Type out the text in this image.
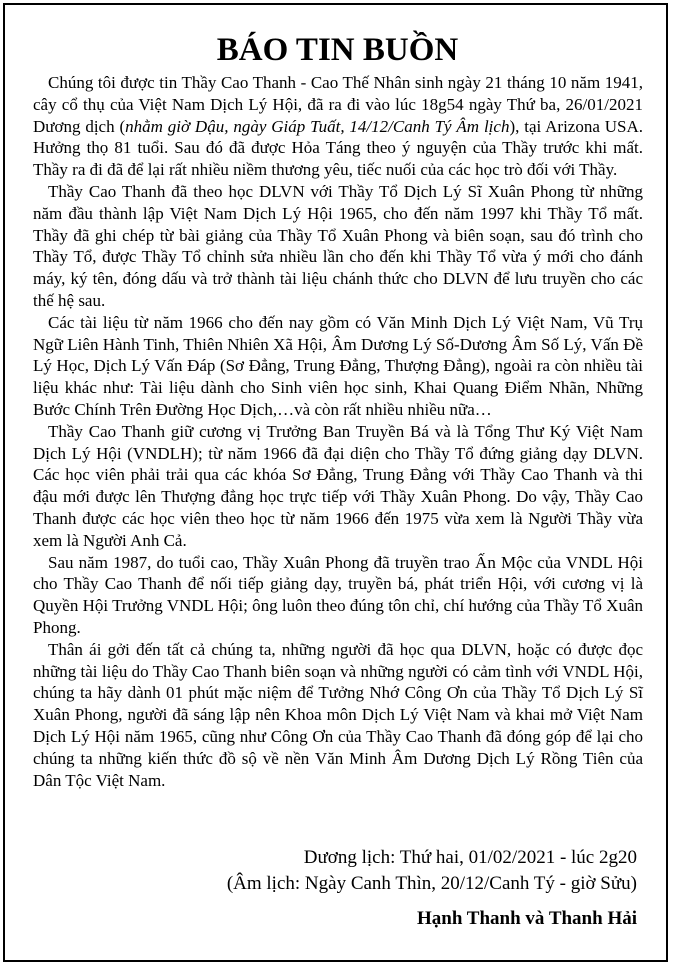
BÁO TIN BUỒN

Chúng tôi được tin Thầy Cao Thanh - Cao Thế Nhân sinh ngày 21 tháng 10 năm 1941, cây cổ thụ của Việt Nam Dịch Lý Hội, đã ra đi vào lúc 18g54 ngày Thứ ba, 26/01/2021 Dương dịch (nhằm giờ Dậu, ngày Giáp Tuất, 14/12/Canh Tý Âm lịch), tại Arizona USA. Hưởng thọ 81 tuổi. Sau đó đã được Hỏa Táng theo ý nguyện của Thầy trước khi mất. Thầy ra đi đã để lại rất nhiều niềm thương yêu, tiếc nuối của các học trò đối với Thầy.

Thầy Cao Thanh đã theo học DLVN với Thầy Tổ Dịch Lý Sĩ Xuân Phong từ những năm đầu thành lập Việt Nam Dịch Lý Hội 1965, cho đến năm 1997 khi Thầy Tổ mất. Thầy đã ghi chép từ bài giảng của Thầy Tổ Xuân Phong và biên soạn, sau đó trình cho Thầy Tổ, được Thầy Tổ chỉnh sửa nhiều lần cho đến khi Thầy Tổ vừa ý mới cho đánh máy, ký tên, đóng dấu và trở thành tài liệu chánh thức cho DLVN để lưu truyền cho các thế hệ sau.

Các tài liệu từ năm 1966 cho đến nay gồm có Văn Minh Dịch Lý Việt Nam, Vũ Trụ Ngữ Liên Hành Tinh, Thiên Nhiên Xã Hội, Âm Dương Lý Số-Dương Âm Số Lý, Vấn Đề Lý Học, Dịch Lý Vấn Đáp (Sơ Đẳng, Trung Đẳng, Thượng Đẳng), ngoài ra còn nhiều tài liệu khác như: Tài liệu dành cho Sinh viên học sinh, Khai Quang Điểm Nhãn, Những Bước Chính Trên Đường Học Dịch,…và còn rất nhiều nhiều nữa…

Thầy Cao Thanh giữ cương vị Trưởng Ban Truyền Bá và là Tổng Thư Ký Việt Nam Dịch Lý Hội (VNDLH); từ năm 1966 đã đại diện cho Thầy Tổ đứng giảng dạy DLVN. Các học viên phải trải qua các khóa Sơ Đẳng, Trung Đẳng với Thầy Cao Thanh và thi đậu mới được lên Thượng đẳng học trực tiếp với Thầy Xuân Phong. Do vậy, Thầy Cao Thanh được các học viên theo học từ năm 1966 đến 1975 vừa xem là Người Thầy vừa xem là Người Anh Cả.

Sau năm 1987, do tuổi cao, Thầy Xuân Phong đã truyền trao Ấn Mộc của VNDL Hội cho Thầy Cao Thanh để nối tiếp giảng dạy, truyền bá, phát triển Hội, với cương vị là Quyền Hội Trưởng VNDL Hội; ông luôn theo đúng tôn chỉ, chí hướng của Thầy Tổ Xuân Phong.

Thân ái gởi đến tất cả chúng ta, những người đã học qua DLVN, hoặc có được đọc những tài liệu do Thầy Cao Thanh biên soạn và những người có cảm tình với VNDL Hội, chúng ta hãy dành 01 phút mặc niệm để Tưởng Nhớ Công Ơn của Thầy Tổ Dịch Lý Sĩ Xuân Phong, người đã sáng lập nên Khoa môn Dịch Lý Việt Nam và khai mở Việt Nam Dịch Lý Hội năm 1965, cũng như Công Ơn của Thầy Cao Thanh đã đóng góp để lại cho chúng ta những kiến thức đồ sộ về nền Văn Minh Âm Dương Dịch Lý Rồng Tiên của Dân Tộc Việt Nam.

Dương lịch: Thứ hai, 01/02/2021 - lúc 2g20
(Âm lịch: Ngày Canh Thìn, 20/12/Canh Tý - giờ Sửu)
Hạnh Thanh và Thanh Hải
